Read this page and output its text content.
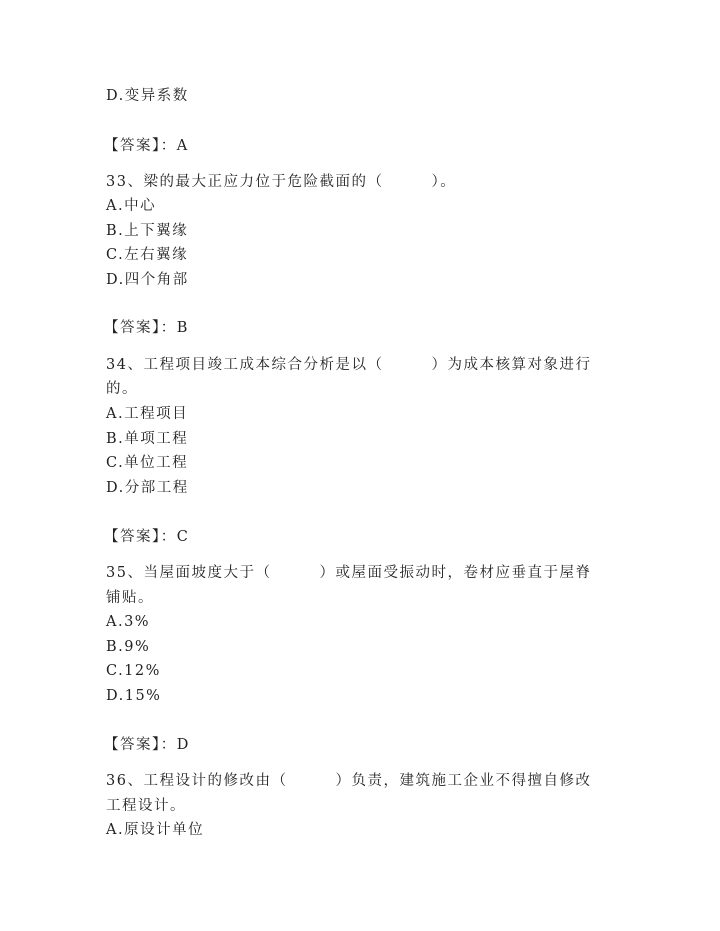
D.变异系数
【答案】：A
33、梁的最大正应力位于危险截面的（　　　）。
A.中心
B.上下翼缘
C.左右翼缘
D.四个角部
【答案】：B
34、工程项目竣工成本综合分析是以（　　　）为成本核算对象进行
的。
A.工程项目
B.单项工程
C.单位工程
D.分部工程
【答案】：C
35、当屋面坡度大于（　　　）或屋面受振动时，卷材应垂直于屋脊
铺贴。
A.3%
B.9%
C.12%
D.15%
【答案】：D
36、工程设计的修改由（　　　）负责，建筑施工企业不得擅自修改
工程设计。
A.原设计单位
